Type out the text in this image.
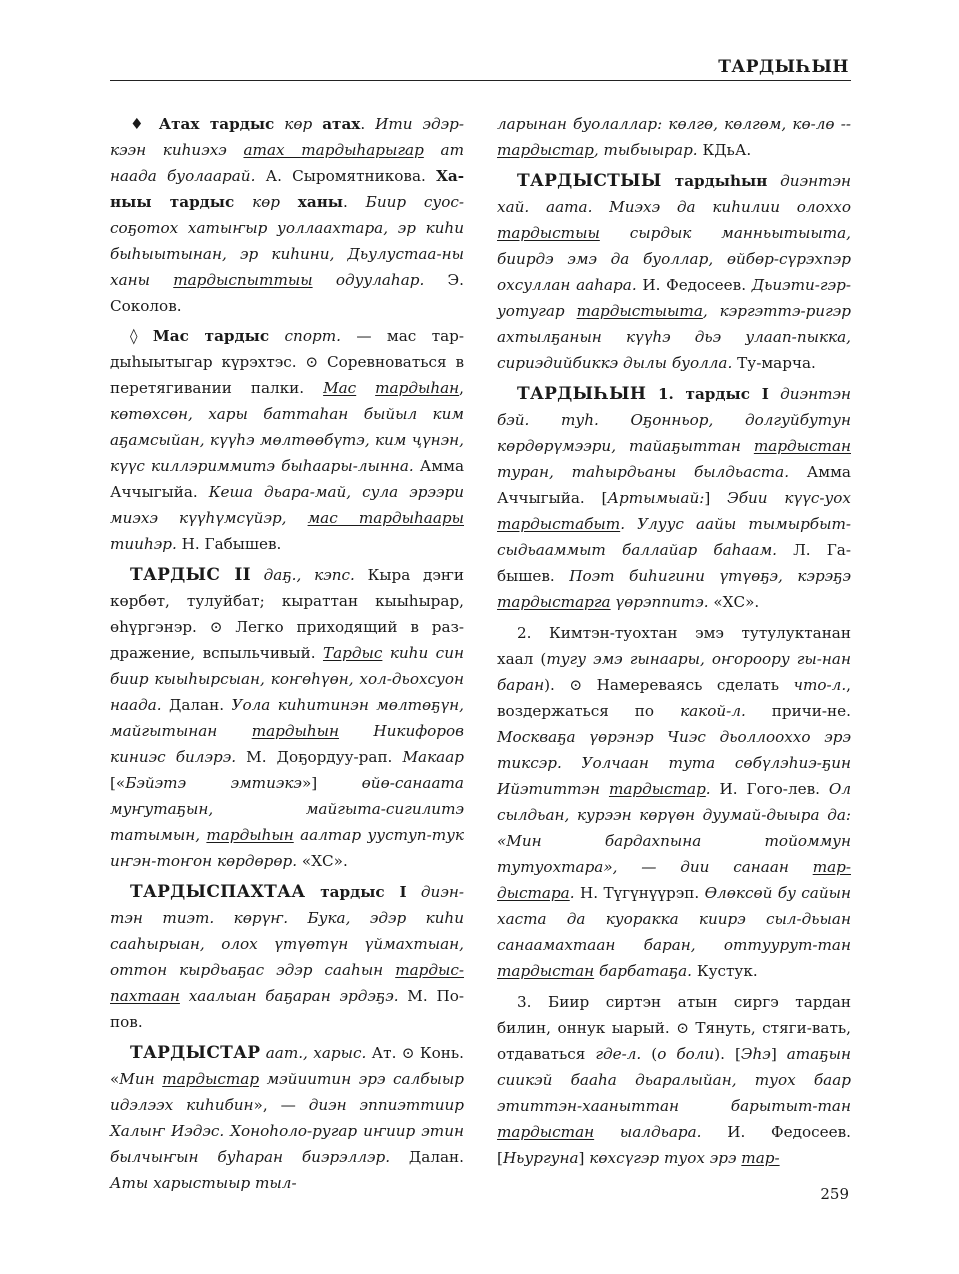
ТАРДЫҺЫН

♦ Атах тардыс көр атах. Ити эдэр-кээн киһиэхэ атах тардыһарыгар ат наада буолаарай. А. Сыромятникова. Ха-ныы тардыс көр ханы. Биир суос-соҕотох хатыҥыр уоллаахтара, эр киһи быһыытынан, эр киһини, Дьулустаа-ны ханы тардыспыттыы одуулаһар. Э. Соколов.

◊ Мас тардыс спорт. — мас тар-дыһыытыгар күрэхтэс. ⊙ Соревноваться в перетягивании палки. Мас тардыһан, көтөхсөн, хары баттаһан быйыл ким аҕамсыйан, күүһэ мөлтөөбүтэ, ким ҷүнэн, күүс киллэриммитэ быһаары-лынна. Амма Аччыгыйа. Кеша дьара-май, сула эрээри миэхэ күүһүмсүйэр, мас тардыһаары тииһэр. Н. Габышев.

ТАРДЫС II даҕ., кэпс. Кыра дэҥи көрбөт, тулуйбат; кыраттан кыыһырар, өһүргэнэр. ⊙ Легко приходящий в раз-дражение, вспыльчивый. Тардыс киһи син биир кыыһырсыан, коҥөһүөн, хол-дьохсуон наада. Далан. Уола киһитинэн мөлтөҕүн, майгытынан тардыһын Никифоров киниэс билэрэ. М. Доҕордуу-рап. Макаар [«Бэйэтэ эмтиэкэ»] өйө-санаата муҥутаҕын, майгыта-сигилитэ татымын, тардыһын аалтар ууступ-тук иҥэн-тоҥон көрдөрөр. «ХС».

ТАРДЫСПАХТАА тардыс I диэн-тэн тиэт. көрүҥ. Бука, эдэр киһи сааһырыан, олох үтүөтүн үймахтыан, оттон кырдьаҕас эдэр сааһын тардыс-пахтаан хаалыан баҕаран эрдэҕэ. М. По-пов.

ТАРДЫСТАР аат., харыс. Ат. ⊙ Конь. «Мин тардыстар мэйиитин эрэ салбыыр идэлээх киһибин», — диэн эппиэттиир Халыҥ Иэдэс. Хоноһоло-ругар иҥиир этин былчыҥын буһаран биэрэллэр. Далан. Аты харыстыыр тыл-

ларынан буолаллар: көлгө, көлгөм, кө-лө -- тардыстар, тыбыырар. КДьА.

ТАРДЫСТЫЫ тардыһын диэнтэн хай. аата. Миэхэ да киһилии олоххо тардыстыы сырдык манньытыыта, биирдэ эмэ да буоллар, өйбөр-сүрэхпэр охсуллан ааһара. И. Федосеев. Дьиэти-гэр-уотугар тардыстыыта, кэргэттэ-ригэр ахтылҕанын күүһэ дьэ улаап-пыкка, сириэдийбиккэ дылы буолла. Ту-марча.

ТАРДЫҺЫН 1. тардыс I диэнтэн бэй. туһ. Оҕонньор, долгуйбутун көрдөрүмээри, тайаҕыттан тардыстан туран, таһырдьаны былдьаста. Амма Аччыгыйа. [Артымыай:] Эбии күүс-уох тардыстабыт. Улуус аайы тымырбыт-сыдьааммыт баллайар баһаам. Л. Га-бышев. Поэт биһигини үтүөҕэ, кэрэҕэ тардыстарга үөрэппитэ. «ХС».

2. Кимтэн-туохтан эмэ тутулуктанан хаал (тугу эмэ гынаары, оҥороору гы-нан баран). ⊙ Намереваясь сделать что-л., воздержаться по какой-л. причи-не. Москваҕа үөрэнэр Чиэс дьоллоохxo эрэ тиксэр. Уолчаан тута сөбүлэһиэ-ҕин Ийэтиттэн тардыстар. И. Гого-лев. Ол сылдьан, курээн көрүөн дуумай-дыыра да: «Мин бардахпына тойоммун тутуохтара», — дии санаан тар-дыстара. Н. Түгүнүүрэп. Өлөксөй бу сайын хаста да куоракка киирэ сыл-дьыан санаамахтаан баран, оттуурут-тан тардыстан барбатаҕа. Кустук.

3. Биир сиртэн атын сиргэ тардан билин, оннук ыарый. ⊙ Тянуть, стяги-вать, отдаваться где-л. (о боли). [Эһэ] атаҕын сиикэй бааһа дьаралыйан, туох баар этиттэн-хааныттан барытыт-тан тардыстан ыалдьара. И. Федосеев. [Ньургуна] көхсүгэр туох эрэ тар-

259
